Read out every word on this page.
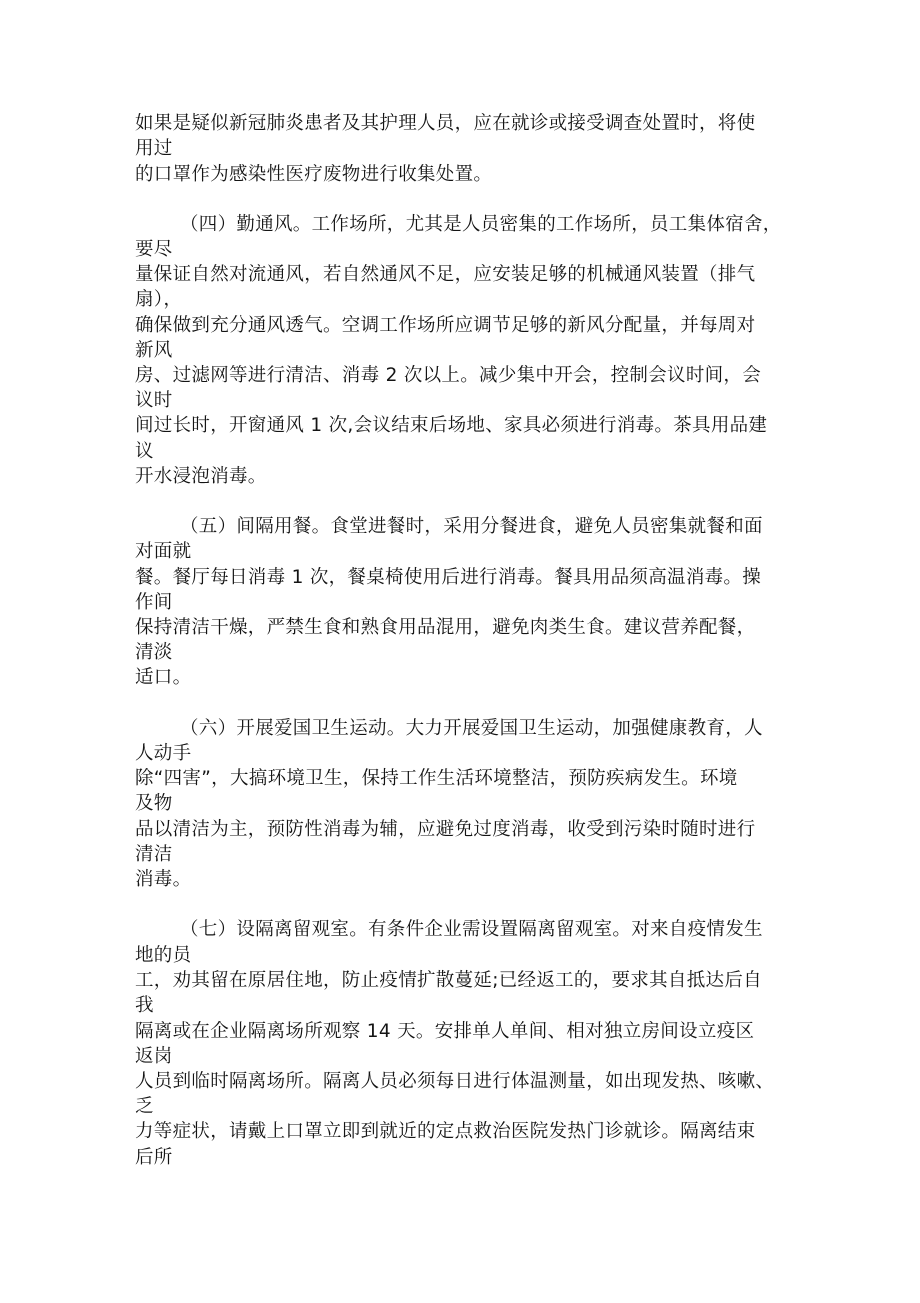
如果是疑似新冠肺炎患者及其护理人员，应在就诊或接受调查处置时，将使
用过
的口罩作为感染性医疗废物进行收集处置。
（四）勤通风。工作场所，尤其是人员密集的工作场所，员工集体宿舍，
要尽
量保证自然对流通风，若自然通风不足，应安装足够的机械通风装置（排气
扇），
确保做到充分通风透气。空调工作场所应调节足够的新风分配量，并每周对
新风
房、过滤网等进行清洁、消毒 2 次以上。减少集中开会，控制会议时间，会
议时
间过长时，开窗通风 1 次,会议结束后场地、家具必须进行消毒。茶具用品建
议
开水浸泡消毒。
（五）间隔用餐。食堂进餐时，采用分餐进食，避免人员密集就餐和面
对面就
餐。餐厅每日消毒 1 次，餐桌椅使用后进行消毒。餐具用品须高温消毒。操
作间
保持清洁干燥，严禁生食和熟食用品混用，避免肉类生食。建议营养配餐，
清淡
适口。
（六）开展爱国卫生运动。大力开展爱国卫生运动，加强健康教育，人
人动手
除“四害”，大搞环境卫生，保持工作生活环境整洁，预防疾病发生。环境
及物
品以清洁为主，预防性消毒为辅，应避免过度消毒，收受到污染时随时进行
清洁
消毒。
（七）设隔离留观室。有条件企业需设置隔离留观室。对来自疫情发生
地的员
工，劝其留在原居住地，防止疫情扩散蔓延;已经返工的，要求其自抵达后自
我
隔离或在企业隔离场所观察 14 天。安排单人单间、相对独立房间设立疫区
返岗
人员到临时隔离场所。隔离人员必须每日进行体温测量，如出现发热、咳嗽、
乏
力等症状，请戴上口罩立即到就近的定点救治医院发热门诊就诊。隔离结束
后所
